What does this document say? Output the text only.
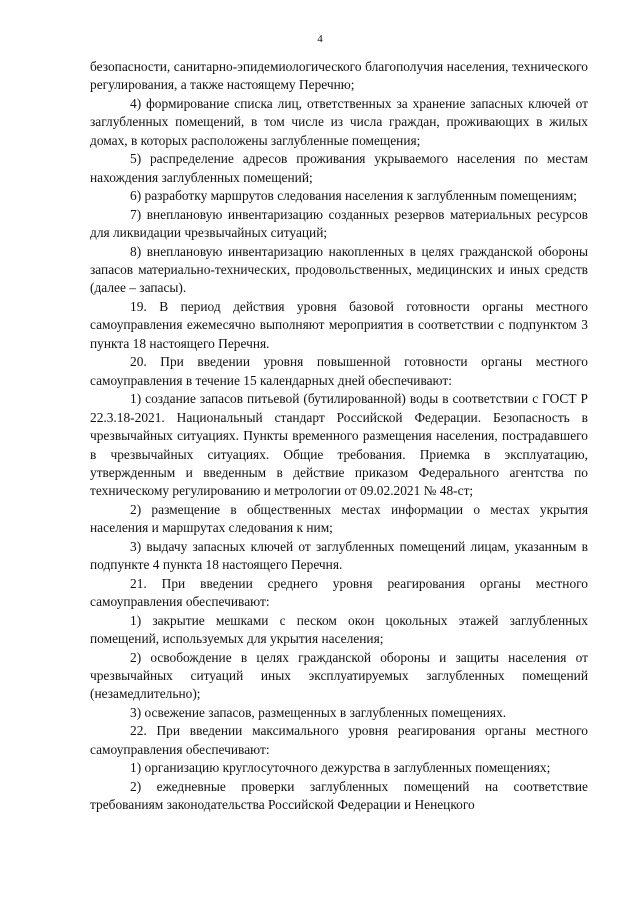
4

безопасности, санитарно-эпидемиологического благополучия населения, технического регулирования, а также настоящему Перечню;

4) формирование списка лиц, ответственных за хранение запасных ключей от заглубленных помещений, в том числе из числа граждан, проживающих в жилых домах, в которых расположены заглубленные помещения;

5) распределение адресов проживания укрываемого населения по местам нахождения заглубленных помещений;

6) разработку маршрутов следования населения к заглубленным помещениям;

7) внеплановую инвентаризацию созданных резервов материальных ресурсов для ликвидации чрезвычайных ситуаций;

8) внеплановую инвентаризацию накопленных в целях гражданской обороны запасов материально-технических, продовольственных, медицинских и иных средств (далее – запасы).

19. В период действия уровня базовой готовности органы местного самоуправления ежемесячно выполняют мероприятия в соответствии с подпунктом 3 пункта 18 настоящего Перечня.

20. При введении уровня повышенной готовности органы местного самоуправления в течение 15 календарных дней обеспечивают:

1) создание запасов питьевой (бутилированной) воды в соответствии с ГОСТ Р 22.3.18-2021. Национальный стандарт Российской Федерации. Безопасность в чрезвычайных ситуациях. Пункты временного размещения населения, пострадавшего в чрезвычайных ситуациях. Общие требования. Приемка в эксплуатацию, утвержденным и введенным в действие приказом Федерального агентства по техническому регулированию и метрологии от 09.02.2021 № 48-ст;

2) размещение в общественных местах информации о местах укрытия населения и маршрутах следования к ним;

3) выдачу запасных ключей от заглубленных помещений лицам, указанным в подпункте 4 пункта 18 настоящего Перечня.

21. При введении среднего уровня реагирования органы местного самоуправления обеспечивают:

1) закрытие мешками с песком окон цокольных этажей заглубленных помещений, используемых для укрытия населения;

2) освобождение в целях гражданской обороны и защиты населения от чрезвычайных ситуаций иных эксплуатируемых заглубленных помещений (незамедлительно);

3) освежение запасов, размещенных в заглубленных помещениях.

22. При введении максимального уровня реагирования органы местного самоуправления обеспечивают:

1) организацию круглосуточного дежурства в заглубленных помещениях;

2) ежедневные проверки заглубленных помещений на соответствие требованиям законодательства Российской Федерации и Ненецкого
